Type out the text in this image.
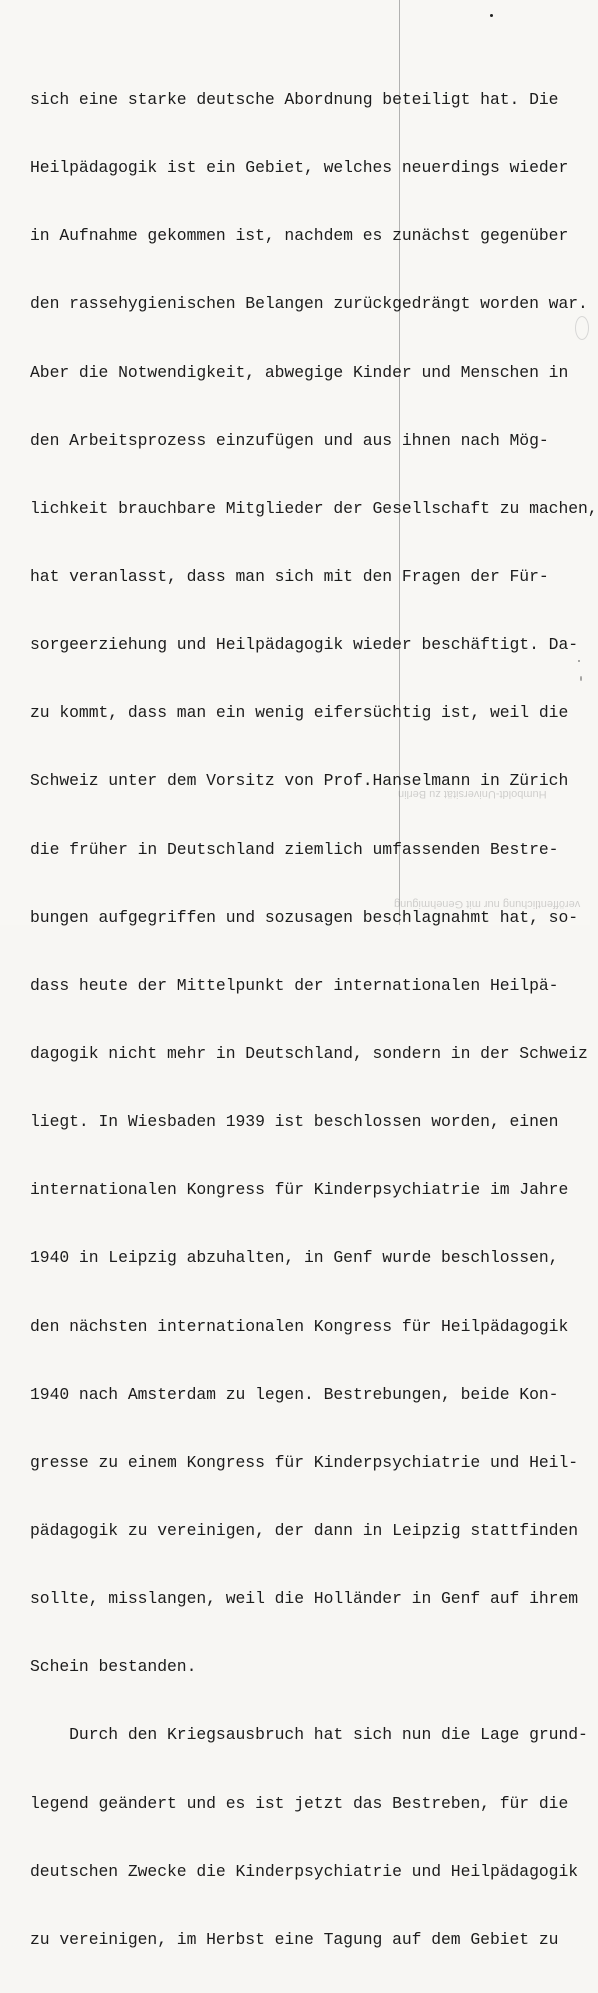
sich eine starke deutsche Abordnung beteiligt hat. Die

Heilpädagogik ist ein Gebiet, welches neuerdings wieder

in Aufnahme gekommen ist, nachdem es zunächst gegenüber

den rassehygienischen Belangen zurückgedrängt worden war.

Aber die Notwendigkeit, abwegige Kinder und Menschen in

den Arbeitsprozess einzufügen und aus ihnen nach Mög-

lichkeit brauchbare Mitglieder der Gesellschaft zu machen,

hat veranlasst, dass man sich mit den Fragen der Für-

sorgeerziehung und Heilpädagogik wieder beschäftigt. Da-

zu kommt, dass man ein wenig eifersüchtig ist, weil die

Schweiz unter dem Vorsitz von Prof.Hanselmann in Zürich

die früher in Deutschland ziemlich umfassenden Bestre-

bungen aufgegriffen und sozusagen beschlagnahmt hat, so-

dass heute der Mittelpunkt der internationalen Heilpä-

dagogik nicht mehr in Deutschland, sondern in der Schweiz

liegt. In Wiesbaden 1939 ist beschlossen worden, einen

internationalen Kongress für Kinderpsychiatrie im Jahre

1940 in Leipzig abzuhalten, in Genf wurde beschlossen,

den nächsten internationalen Kongress für Heilpädagogik

1940 nach Amsterdam zu legen. Bestrebungen, beide Kon-

gresse zu einem Kongress für Kinderpsychiatrie und Heil-

pädagogik zu vereinigen, der dann in Leipzig stattfinden

sollte, misslangen, weil die Holländer in Genf auf ihrem

Schein bestanden.

Durch den Kriegsausbruch hat sich nun die Lage grund-

legend geändert und es ist jetzt das Bestreben, für die

deutschen Zwecke die Kinderpsychiatrie und Heilpädagogik

zu vereinigen, im Herbst eine Tagung auf dem Gebiet zu

Humboldt-Universität zu Berlin
veröffentlichung nur mit Genehmigung
